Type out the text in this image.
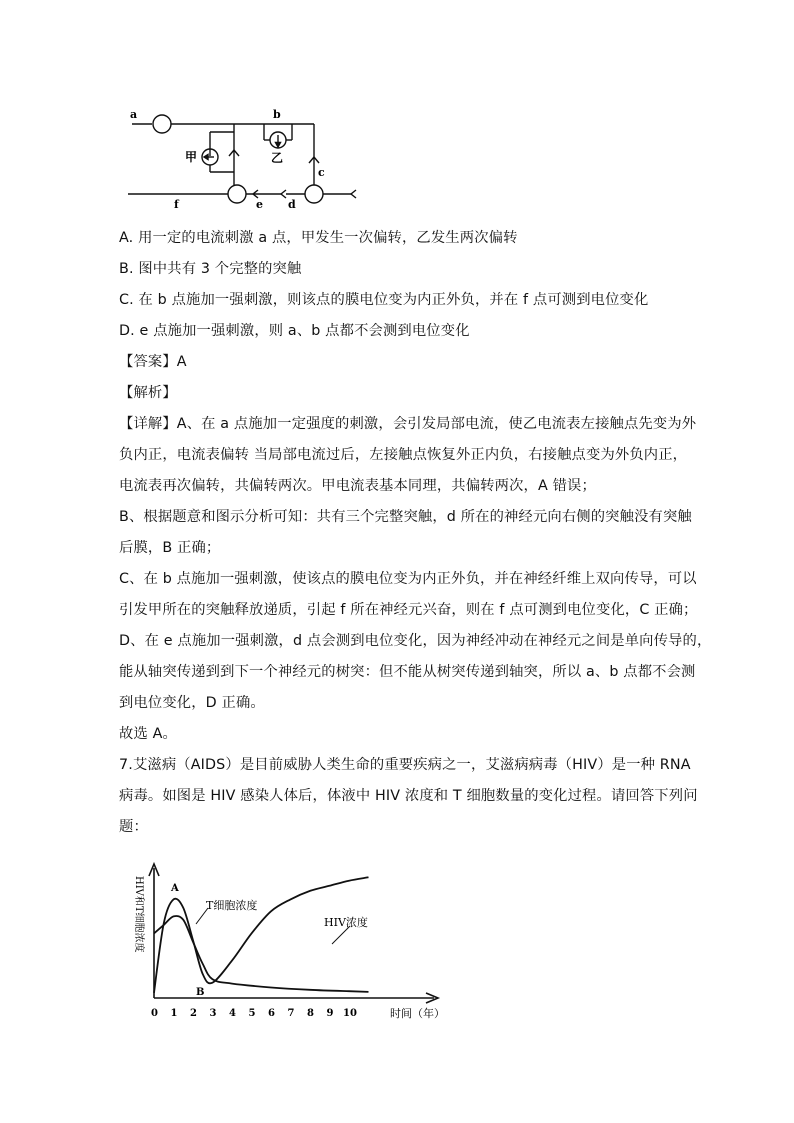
a	b
甲	乙
c
e d
f
A. 用一定的电流刺激 a 点，甲发生一次偏转，乙发生两次偏转
B. 图中共有 3 个完整的突触
C. 在 b 点施加一强刺激，则该点的膜电位变为内正外负，并在 f 点可测到电位变化
D. e 点施加一强刺激，则 a、b 点都不会测到电位变化
【答案】A
【解析】
【详解】A、在 a 点施加一定强度的刺激，会引发局部电流，使乙电流表左接触点先变为外
负内正，电流表偏转 当局部电流过后，左接触点恢复外正内负，右接触点变为外负内正，
电流表再次偏转，共偏转两次。甲电流表基本同理，共偏转两次，A 错误；
B、根据题意和图示分析可知：共有三个完整突触，d 所在的神经元向右侧的突触没有突触
后膜，B 正确；
C、在 b 点施加一强刺激，使该点的膜电位变为内正外负，并在神经纤维上双向传导，可以
引发甲所在的突触释放递质，引起 f 所在神经元兴奋，则在 f 点可测到电位变化，C 正确；
D、在 e 点施加一强刺激，d 点会测到电位变化，因为神经冲动在神经元之间是单向传导的，
能从轴突传递到到下一个神经元的树突：但不能从树突传递到轴突，所以 a、b 点都不会测
到电位变化，D 正确。
故选 A。
7.艾滋病（AIDS）是目前威胁人类生命的重要疾病之一，艾滋病病毒（HIV）是一种 RNA
病毒。如图是 HIV 感染人体后，体液中 HIV 浓度和 T 细胞数量的变化过程。请回答下列问
题：
HIV和T细胞浓度
时间（年）
0 1 2 3 4 5 6 7 8 9 10
A
B
T细胞浓度
HIV浓度
